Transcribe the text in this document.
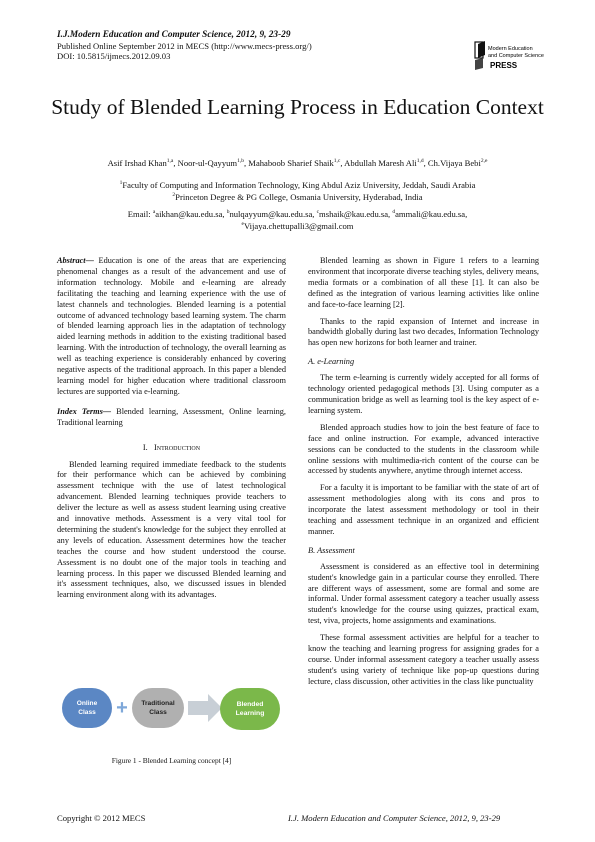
I.J.Modern Education and Computer Science, 2012, 9, 23-29
Published Online September 2012 in MECS (http://www.mecs-press.org/)
DOI: 10.5815/ijmecs.2012.09.03
Modern Education
and Computer Science
PRESS
Study of Blended Learning Process in Education Context
Asif Irshad Khan$^{1,a}$, Noor-ul-Qayyum$^{1,b}$, Mahaboob Sharief Shaik$^{1,c}$, Abdullah Maresh Ali$^{1,d}$, Ch.Vijaya Bebi$^{2,e}$
$^1$Faculty of Computing and Information Technology, King Abdul Aziz University, Jeddah, Saudi Arabia
$^2$Princeton Degree & PG College, Osmania University, Hyderabad, India
Email: $^a$aikhan@kau.edu.sa, $^b$nulqayyum@kau.edu.sa, $^c$mshaik@kau.edu.sa, $^d$ammali@kau.edu.sa,
$^e$Vijaya.chettupalli3@gmail.com

Abstract— Education is one of the areas that are experiencing phenomenal changes as a result of the advancement and use of information technology. Mobile and e-learning are already facilitating the teaching and learning experience with the use of latest channels and technologies. Blended learning is a potential outcome of advanced technology based learning system. The charm of blended learning approach lies in the adaptation of technology aided learning methods in addition to the existing traditional based learning. With the introduction of technology, the overall learning as well as teaching experience is considerably enhanced by covering negative aspects of the traditional approach. In this paper a blended learning model for higher education where traditional classroom lectures are supported via e-learning.

Index Terms— Blended learning, Assessment, Online learning, Traditional learning

I. Introduction

Blended learning required immediate feedback to the students for their performance which can be achieved by combining assessment technique with the use of latest technological advancement. Blended learning techniques provide teachers to deliver the lecture as well as assess student learning using creative and innovative methods. Assessment is a very vital tool for determining the student's knowledge for the subject they enrolled at any levels of education. Assessment determines how the teacher teaches the course and how student understood the course. Assessment is no doubt one of the major tools in teaching and learning process. In this paper we discussed Blended learning and it's assessment techniques, also, we discussed issues in blended learning environment along with its advantages.

Online
Class + Traditional
Class
Blended
Learning
Figure 1 - Blended Learning concept [4]

Blended learning as shown in Figure 1 refers to a learning environment that incorporate diverse teaching styles, delivery means, media formats or a combination of all these [1]. It can also be defined as the integration of various learning activities like online and face-to-face learning [2].

Thanks to the rapid expansion of Internet and increase in bandwidth globally during last two decades, Information Technology has open new horizons for both learner and trainer.

A. e-Learning

The term e-learning is currently widely accepted for all forms of technology oriented pedagogical methods [3]. Using computer as a communication bridge as well as learning tool is the key aspect of e-learning system.

Blended approach studies how to join the best feature of face to face and online instruction. For example, advanced interactive sessions can be conducted to the students in the classroom while online sessions with multimedia-rich content of the course can be accessed by students anywhere, anytime through internet access.

For a faculty it is important to be familiar with the state of art of assessment methodologies along with its cons and pros to incorporate the latest assessment methodology or tool in their teaching and assessment technique in an organized and efficient manner.

B. Assessment

Assessment is considered as an effective tool in determining student's knowledge gain in a particular course they enrolled. There are different ways of assessment, some are formal and some are informal. Under formal assessment category a teacher usually assess student's knowledge for the course using quizzes, practical exam, test, viva, projects, home assignments and examinations.

These formal assessment activities are helpful for a teacher to know the teaching and learning progress for assigning grades for a course. Under informal assessment category a teacher usually assess student's using variety of technique like pop-up questions during lecture, class discussion, other activities in the class like punctuality

Copyright © 2012 MECS	I.J. Modern Education and Computer Science, 2012, 9, 23-29
